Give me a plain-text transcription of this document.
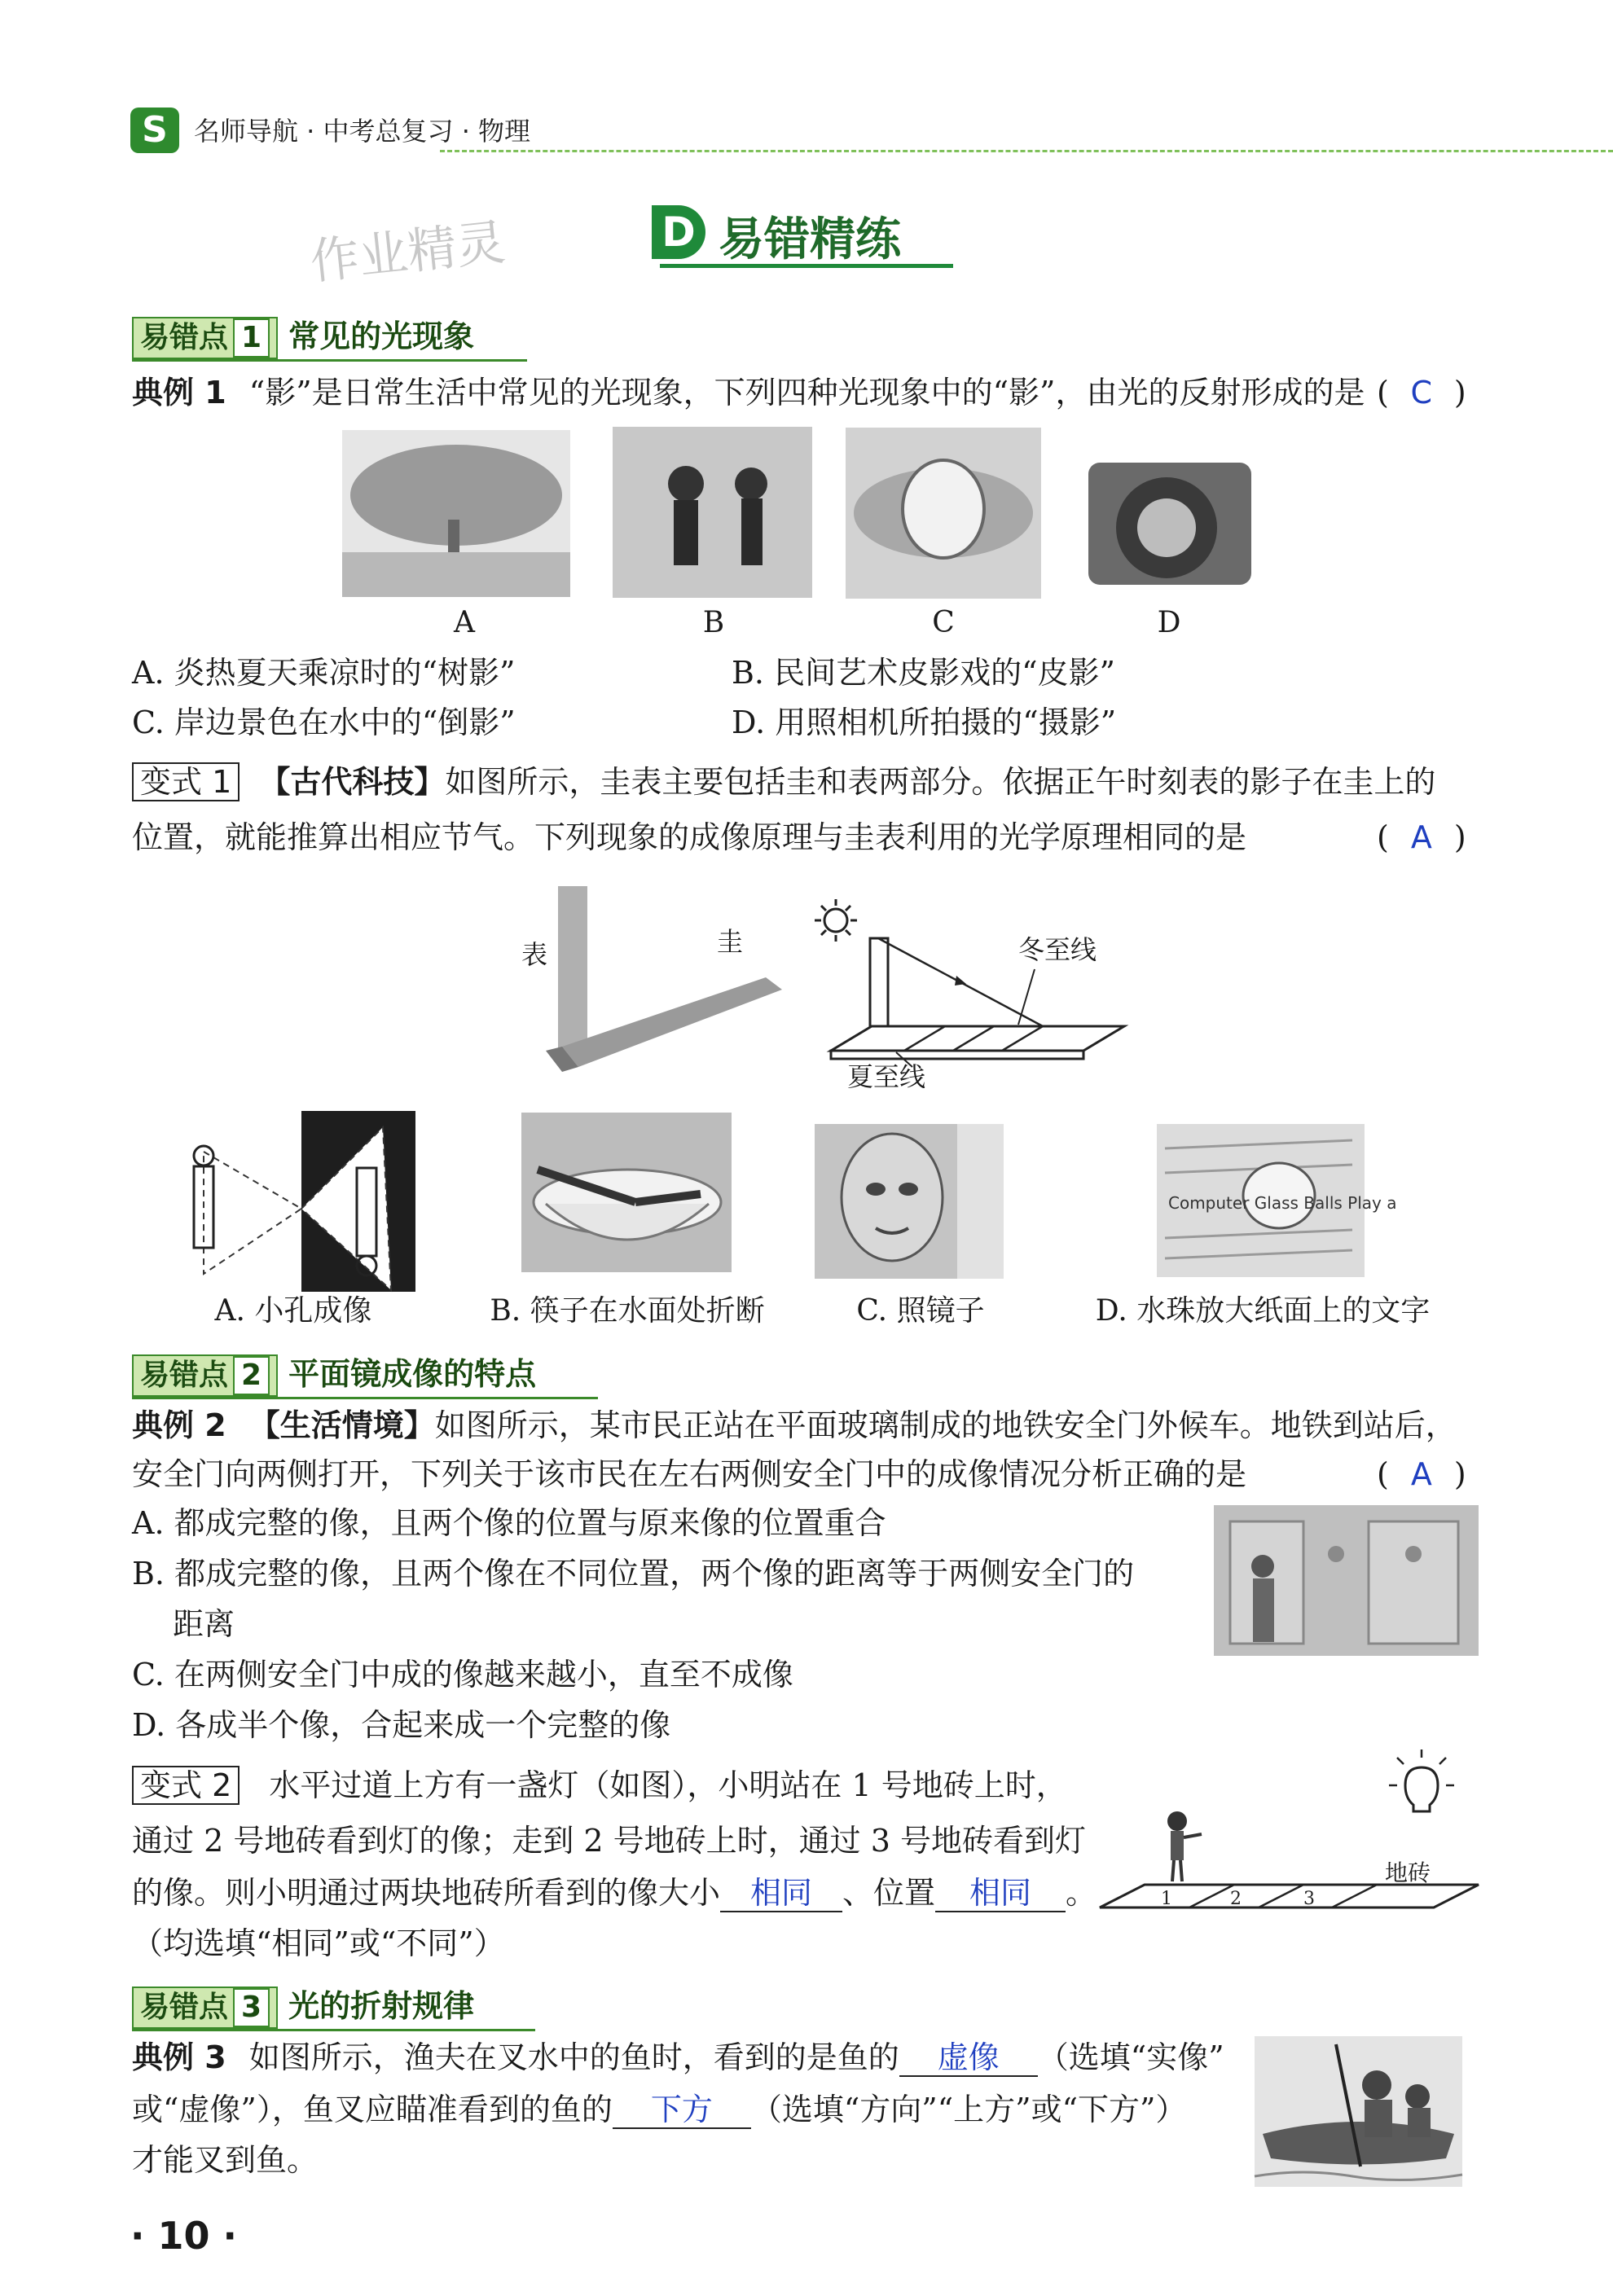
S	名师导航 · 中考总复习 · 物理
作业精灵	D 易错精练
易错点 1 常见的光现象
典例 1 “影”是日常生活中常见的光现象，下列四种光现象中的“影”，由光的反射形成的是 ( C )
A	B	C	D
A. 炎热夏天乘凉时的“树影”	B. 民间艺术皮影戏的“皮影”
C. 岸边景色在水中的“倒影”	D. 用照相机所拍摄的“摄影”
变式 1 【古代科技】如图所示，圭表主要包括圭和表两部分。依据正午时刻表的影子在圭上的
位置，就能推算出相应节气。下列现象的成像原理与圭表利用的光学原理相同的是	( A )
表	圭	冬至线
夏至线
Computer Glass Balls Play a
A. 小孔成像	B. 筷子在水面处折断	C. 照镜子	D. 水珠放大纸面上的文字
易错点 2 平面镜成像的特点
典例 2 【生活情境】如图所示，某市民正站在平面玻璃制成的地铁安全门外候车。地铁到站后，
安全门向两侧打开，下列关于该市民在左右两侧安全门中的成像情况分析正确的是	( A )
A. 都成完整的像，且两个像的位置与原来像的位置重合
B. 都成完整的像，且两个像在不同位置，两个像的距离等于两侧安全门的
距离
C. 在两侧安全门中成的像越来越小，直至不成像
D. 各成半个像，合起来成一个完整的像
变式 2 水平过道上方有一盏灯（如图），小明站在 1 号地砖上时，
通过 2 号地砖看到灯的像；走到 2 号地砖上时，通过 3 号地砖看到灯
的像。则小明通过两块地砖所看到的像大小 相同 、位置 相同 。
（均选填“相同”或“不同”）
1	2	3
地砖
易错点 3 光的折射规律
典例 3 如图所示，渔夫在叉水中的鱼时，看到的是鱼的 虚像 （选填“实像”
或“虚像”），鱼叉应瞄准看到的鱼的 下方 （选填“方向”“上方”或“下方”）
才能叉到鱼。
· 10 ·
